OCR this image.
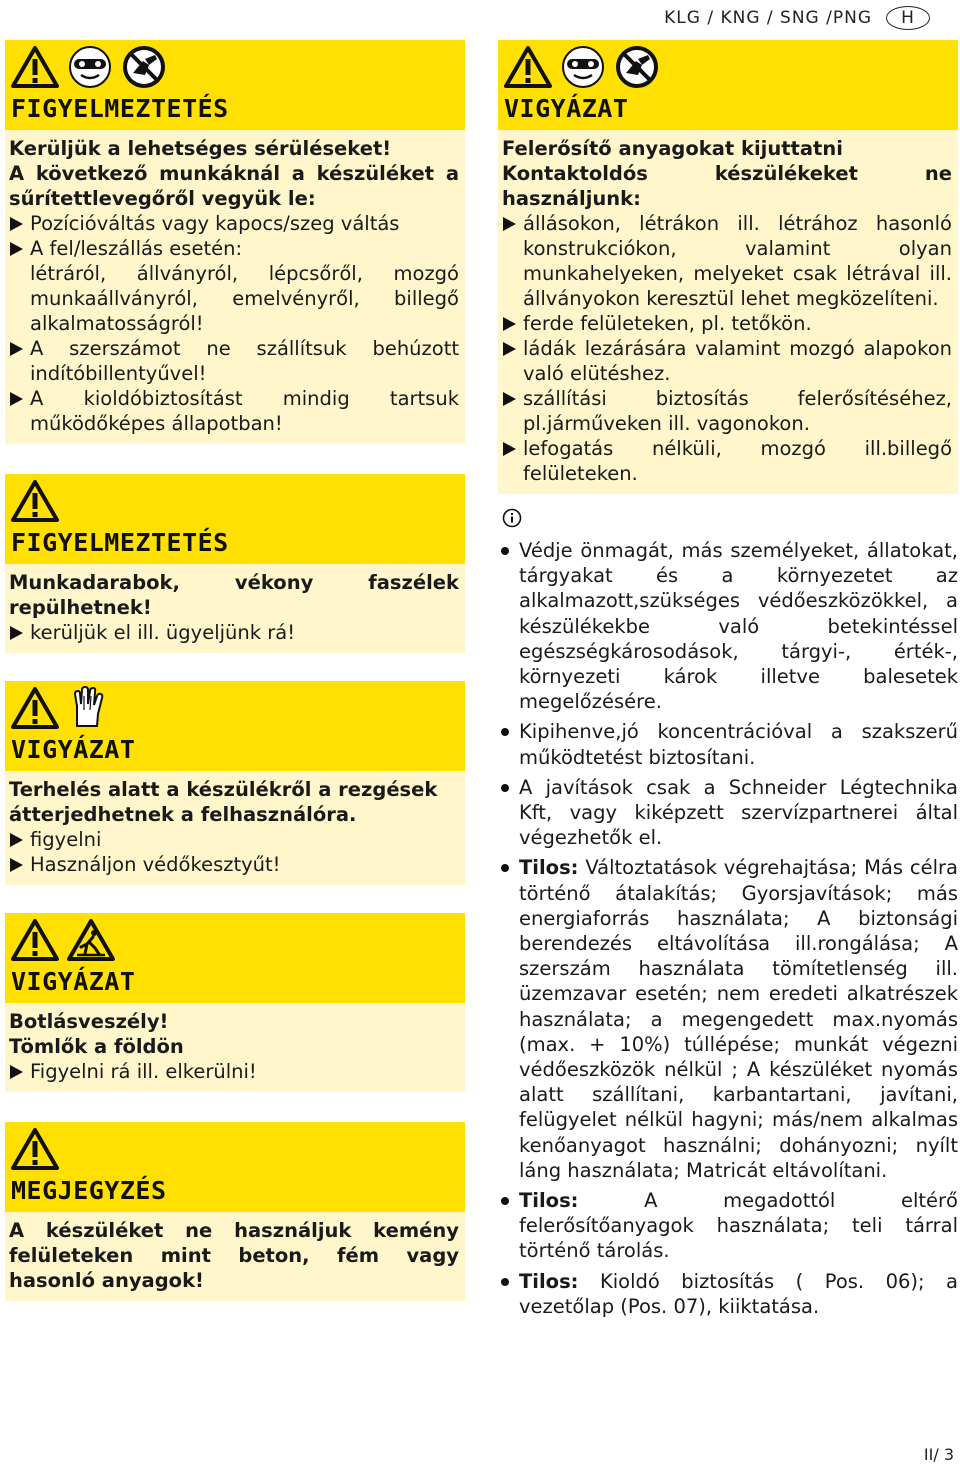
KLG / KNG / SNG /PNG	H
FIGYELMEZTETÉS
Kerüljük a lehetséges sérüléseket!
A következő munkáknál a készüléket a sűrítettlevegőről vegyük le:
Pozícióváltás vagy kapocs/szeg váltás
A fel/leszállás esetén:
létráról, állványról, lépcsőről, mozgó munkaállványról, emelvényről, billegő alkalmatosságról!
A szerszámot ne szállítsuk behúzott indítóbillentyűvel!
A kioldóbiztosítást mindig tartsuk működőképes állapotban!
FIGYELMEZTETÉS
Munkadarabok, vékony faszélek repülhetnek!
kerüljük el ill. ügyeljünk rá!
VIGYÁZAT
Terhelés alatt a készülékről a rezgések átterjedhetnek a felhasználóra.
figyelni
Használjon védőkesztyűt!
VIGYÁZAT
Botlásveszély!
Tömlők a földön
Figyelni rá ill. elkerülni!
MEGJEGYZÉS
A készüléket ne használjuk kemény felületeken mint beton, fém vagy hasonló anyagok!
VIGYÁZAT
Felerősítő anyagokat kijuttatni
Kontaktoldós készülékeket ne használjunk:
állásokon, létrákon ill. létrához hasonló konstrukciókon, valamint olyan munkahelyeken, melyeket csak létrával ill. állványokon keresztül lehet megközelíteni.
ferde felületeken, pl. tetőkön.
ládák lezárására valamint mozgó alapokon való elütéshez.
szállítási biztosítás felerősítéséhez, pl.járműveken ill. vagonokon.
lefogatás nélküli, mozgó ill.billegő felületeken.
Védje önmagát, más személyeket, állatokat, tárgyakat és a környezetet az alkalmazott,szükséges védőeszközökkel, a készülékekbe való betekintéssel egészségkárosodások, tárgyi-, érték-, környezeti károk illetve balesetek megelőzésére.
Kipihenve,jó koncentrációval a szakszerű működtetést biztosítani.
A javítások csak a Schneider Légtechnika Kft, vagy kiképzett szervízpartnerei által végezhetők el.
Tilos: Változtatások végrehajtása; Más célra történő átalakítás; Gyorsjavítások; más energiaforrás használata; A biztonsági berendezés eltávolítása ill.rongálása; A szerszám használata tömítetlenség ill. üzemzavar esetén; nem eredeti alkatrészek használata; a megengedett max.nyomás (max. + 10%) túllépése; munkát végezni védőeszközök nélkül ; A készüléket nyomás alatt szállítani, karbantartani, javítani, felügyelet nélkül hagyni; más/nem alkalmas kenőanyagot használni; dohányozni; nyílt láng használata; Matricát eltávolítani.
Tilos: A megadottól eltérő felerősítőanyagok használata; teli tárral történő tárolás.
Tilos: Kioldó biztosítás ( Pos. 06); a vezetőlap (Pos. 07), kiiktatása.
II/ 3
